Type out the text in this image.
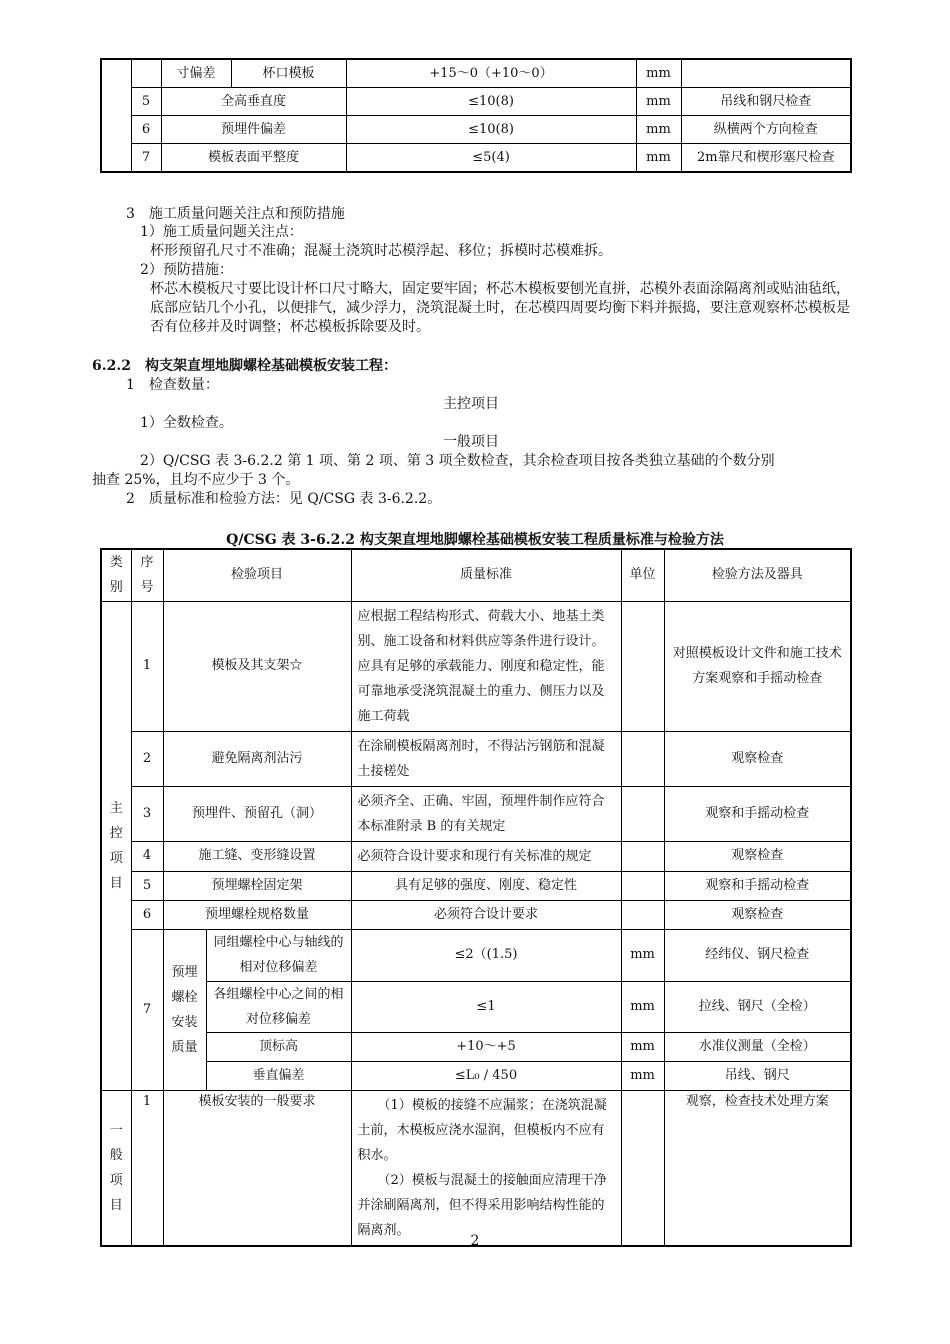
		寸偏差	杯口模板	+15～0（+10～0）	mm	
	5	全高垂直度		≤10(8)	mm	吊线和钢尺检查
	6	预埋件偏差		≤10(8)	mm	纵横两个方向检查
	7	模板表面平整度		≤5(4)	mm	2m靠尺和楔形塞尺检查
3　施工质量问题关注点和预防措施
1）施工质量问题关注点：
杯形预留孔尺寸不准确；混凝土浇筑时芯模浮起、移位；拆模时芯模难拆。
2）预防措施：
杯芯木模板尺寸要比设计杯口尺寸略大，固定要牢固；杯芯木模板要刨光直拼，芯模外表面涂隔离剂或贴油毡纸，底部应钻几个小孔，以便排气，减少浮力，浇筑混凝土时，在芯模四周要均衡下料并振捣，要注意观察杯芯模板是否有位移并及时调整；杯芯模板拆除要及时。
6.2.2　构支架直埋地脚螺栓基础模板安装工程：
1　检查数量：
主控项目
1）全数检查。
一般项目
2）Q/CSG 表 3-6.2.2 第 1 项、第 2 项、第 3 项全数检查，其余检查项目按各类独立基础的个数分别
抽查 25%，且均不应少于 3 个。
2　质量标准和检验方法：见 Q/CSG 表 3-6.2.2。
Q/CSG 表 3-6.2.2 构支架直埋地脚螺栓基础模板安装工程质量标准与检验方法
类别	序号	检验项目		质量标准	单位	检验方法及器具
主控项目	1	模板及其支架☆		应根据工程结构形式、荷载大小、地基土类别、施工设备和材料供应等条件进行设计。应具有足够的承载能力、刚度和稳定性，能可靠地承受浇筑混凝土的重力、侧压力以及施工荷载		对照模板设计文件和施工技术方案观察和手摇动检查
	2	避免隔离剂沾污		在涂刷模板隔离剂时，不得沾污钢筋和混凝土接槎处		观察检查
	3	预埋件、预留孔（洞）		必须齐全、正确、牢固，预埋件制作应符合本标准附录 B 的有关规定		观察和手摇动检查
	4	施工缝、变形缝设置		必须符合设计要求和现行有关标准的规定		观察检查
	5	预埋螺栓固定架		具有足够的强度、刚度、稳定性		观察和手摇动检查
	6	预埋螺栓规格数量		必须符合设计要求		观察检查
	7	预埋螺栓安装质量	同组螺栓中心与轴线的相对位移偏差	≤2（(1.5)	mm	经纬仪、钢尺检查
			各组螺栓中心之间的相对位移偏差	≤1	mm	拉线、钢尺（全检）
			顶标高	+10～+5	mm	水准仪测量（全检）
			垂直偏差	≤L₀ / 450	mm	吊线、钢尺
一般项目	1	模板安装的一般要求		（1）模板的接缝不应漏浆；在浇筑混凝土前，木模板应浇水湿润，但模板内不应有积水。
（2）模板与混凝土的接触面应清理干净并涂刷隔离剂，但不得采用影响结构性能的隔离剂。		观察，检查技术处理方案
2
